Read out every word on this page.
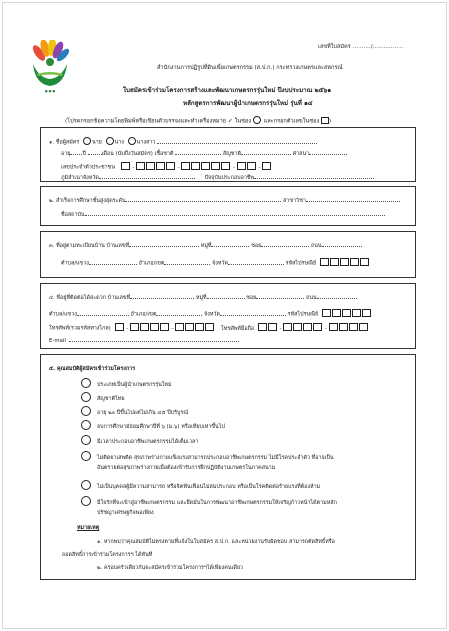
● ● ●
เลขที่ใบสมัคร ........../.................
สำนักงานการปฏิรูปที่ดินเพื่อเกษตรกรรม (ส.ป.ก.) กระทรวงเกษตรและสหกรณ์
ใบสมัครเข้าร่วมโครงการสร้างและพัฒนาเกษตรกรรุ่นใหม่ ปีงบประมาณ ๒๕๖๑
หลักสูตรการพัฒนาผู้นำเกษตรกรรุ่นใหม่ รุ่นที่ ๑๔
(โปรดกรอกข้อความโดยพิมพ์หรือเขียนตัวบรรจงและทำเครื่องหมาย ✓ ในช่อง และกรอกตัวเลขในช่อง )
๑. ชื่อผู้สมัคร นาย นาง นางสาว
อายุ ปี	เดือน (นับถึงวันสมัคร) เชื้อชาติ	สัญชาติ	ศาสนา
เลขประจำตัวประชาชน	-	-	-	-
ภูมิลำเนาจังหวัด	ปัจจุบันประกอบอาชีพ
๒. สำเร็จการศึกษาชั้นสูงสุดระดับ	สาขาวิชา
ชื่อสถาบัน
๓. ที่อยู่ตามทะเบียนบ้าน บ้านเลขที่	หมู่ที่	ซอย	ถนน
ตำบล/แขวง	อำเภอ/เขต	จังหวัด	รหัสไปรษณีย์
๔. ที่อยู่ที่ติดต่อได้สะดวก บ้านเลขที่	หมู่ที่	ซอย	ถนน
ตำบล/แขวง	อำเภอ/เขต	จังหวัด	รหัสไปรษณีย์
โทรศัพท์(รวมรหัสทางไกล)	-	-	โทรศัพท์มือถือ	-	-
E-mail
๕. คุณสมบัติผู้สมัครเข้าร่วมโครงการ
ประเภทเป็นผู้นำเกษตรกรรุ่นใหม่
สัญชาติไทย
อายุ ๒๐ ปีขึ้นไปแต่ไม่เกิน ๔๕ ปีบริบูรณ์
จบการศึกษามัธยมศึกษาปีที่ ๖ (ม.๖) หรือเทียบเท่าขึ้นไป
มีเวลาประกอบอาชีพเกษตรกรรมได้เต็มเวลา
ไม่ติดยาเสพติด สุขภาพร่างกายแข็งแรงสามารถประกอบอาชีพเกษตรกรรม ไม่มีโรคประจำตัว ที่อาจเป็น
อันตรายต่อสุขภาพร่างกายเมื่อต้องเข้ารับการฝึกปฏิบัติงานเกษตรในภาคสนาม
ไม่เป็นบุคคลผู้มีความสามารถ หรือจิตฟั่นเฟือนไม่สมประกอบ หรือเป็นโรคติดต่อร้ายแรงที่ต้องห้าม
มีใจรักที่จะเข้าสู่อาชีพเกษตรกรรม และยึดมั่นในการพัฒนาอาชีพเกษตรกรรมให้เจริญก้าวหน้าได้ตามหลัก
ปรัชญาเศรษฐกิจพอเพียง
หมายเหตุ
๑. หากพบว่าคุณสมบัติไม่ตรงตามที่แจ้งในใบสมัคร ส.ป.ก. และหน่วยงานรับผิดชอบ สามารถตัดสิทธิ์หรือ
ถอดสิทธิ์การเข้าร่วมโครงการฯ ได้ทันที
๒. ครอบครัวเดียวกันจะสมัครเข้าร่วมโครงการฯได้เพียงคนเดียว
